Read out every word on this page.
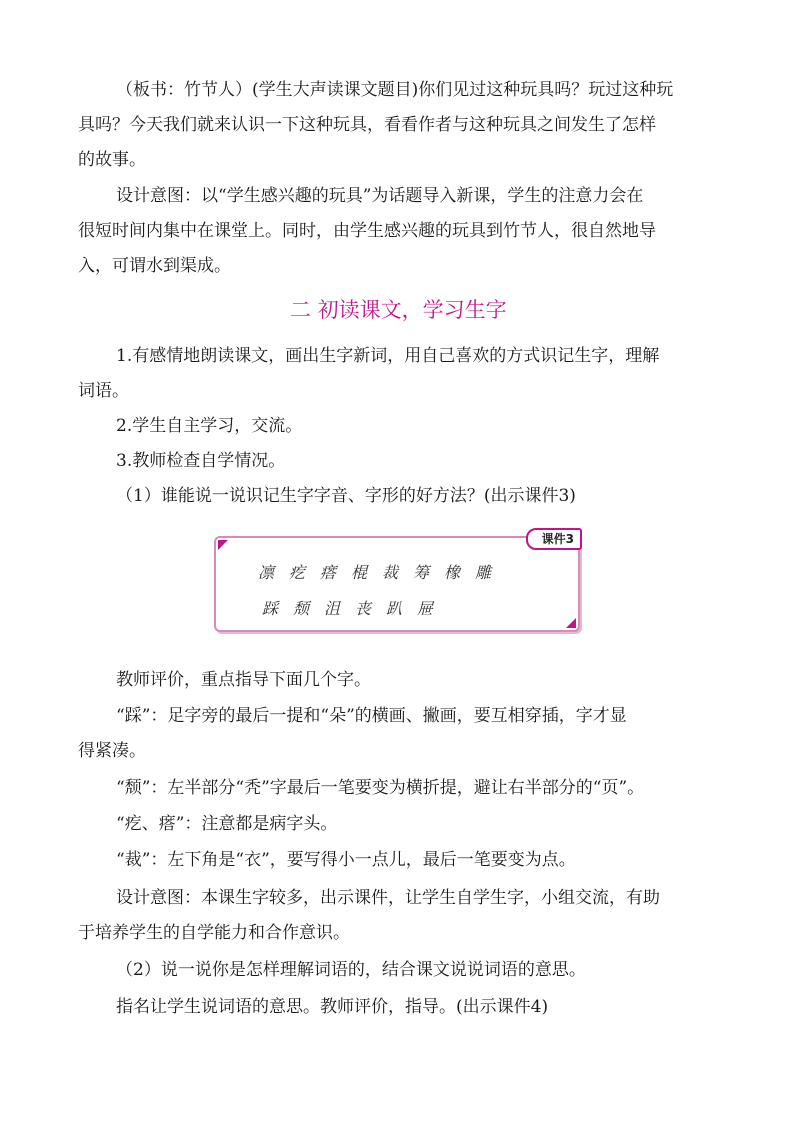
（板书：竹节人）(学生大声读课文题目)你们见过这种玩具吗？玩过这种玩

具吗？今天我们就来认识一下这种玩具，看看作者与这种玩具之间发生了怎样

的故事。

设计意图：以“学生感兴趣的玩具”为话题导入新课，学生的注意力会在

很短时间内集中在课堂上。同时，由学生感兴趣的玩具到竹节人，很自然地导

入，可谓水到渠成。

二 初读课文，学习生字

1.有感情地朗读课文，画出生字新词，用自己喜欢的方式识记生字，理解

词语。

2.学生自主学习，交流。

3.教师检查自学情况。

（1）谁能说一说识记生字字音、字形的好方法？(出示课件3)

课件3
凛疙瘩棍裁筹橡雕
踩颓沮丧趴屉

教师评价，重点指导下面几个字。

“踩”：足字旁的最后一提和“朵”的横画、撇画，要互相穿插，字才显

得紧凑。

“颓”：左半部分“秃”字最后一笔要变为横折提，避让右半部分的“页”。

“疙、瘩”：注意都是病字头。

“裁”：左下角是“衣”，要写得小一点儿，最后一笔要变为点。

设计意图：本课生字较多，出示课件，让学生自学生字，小组交流，有助

于培养学生的自学能力和合作意识。

（2）说一说你是怎样理解词语的，结合课文说说词语的意思。

指名让学生说词语的意思。教师评价，指导。(出示课件4)
